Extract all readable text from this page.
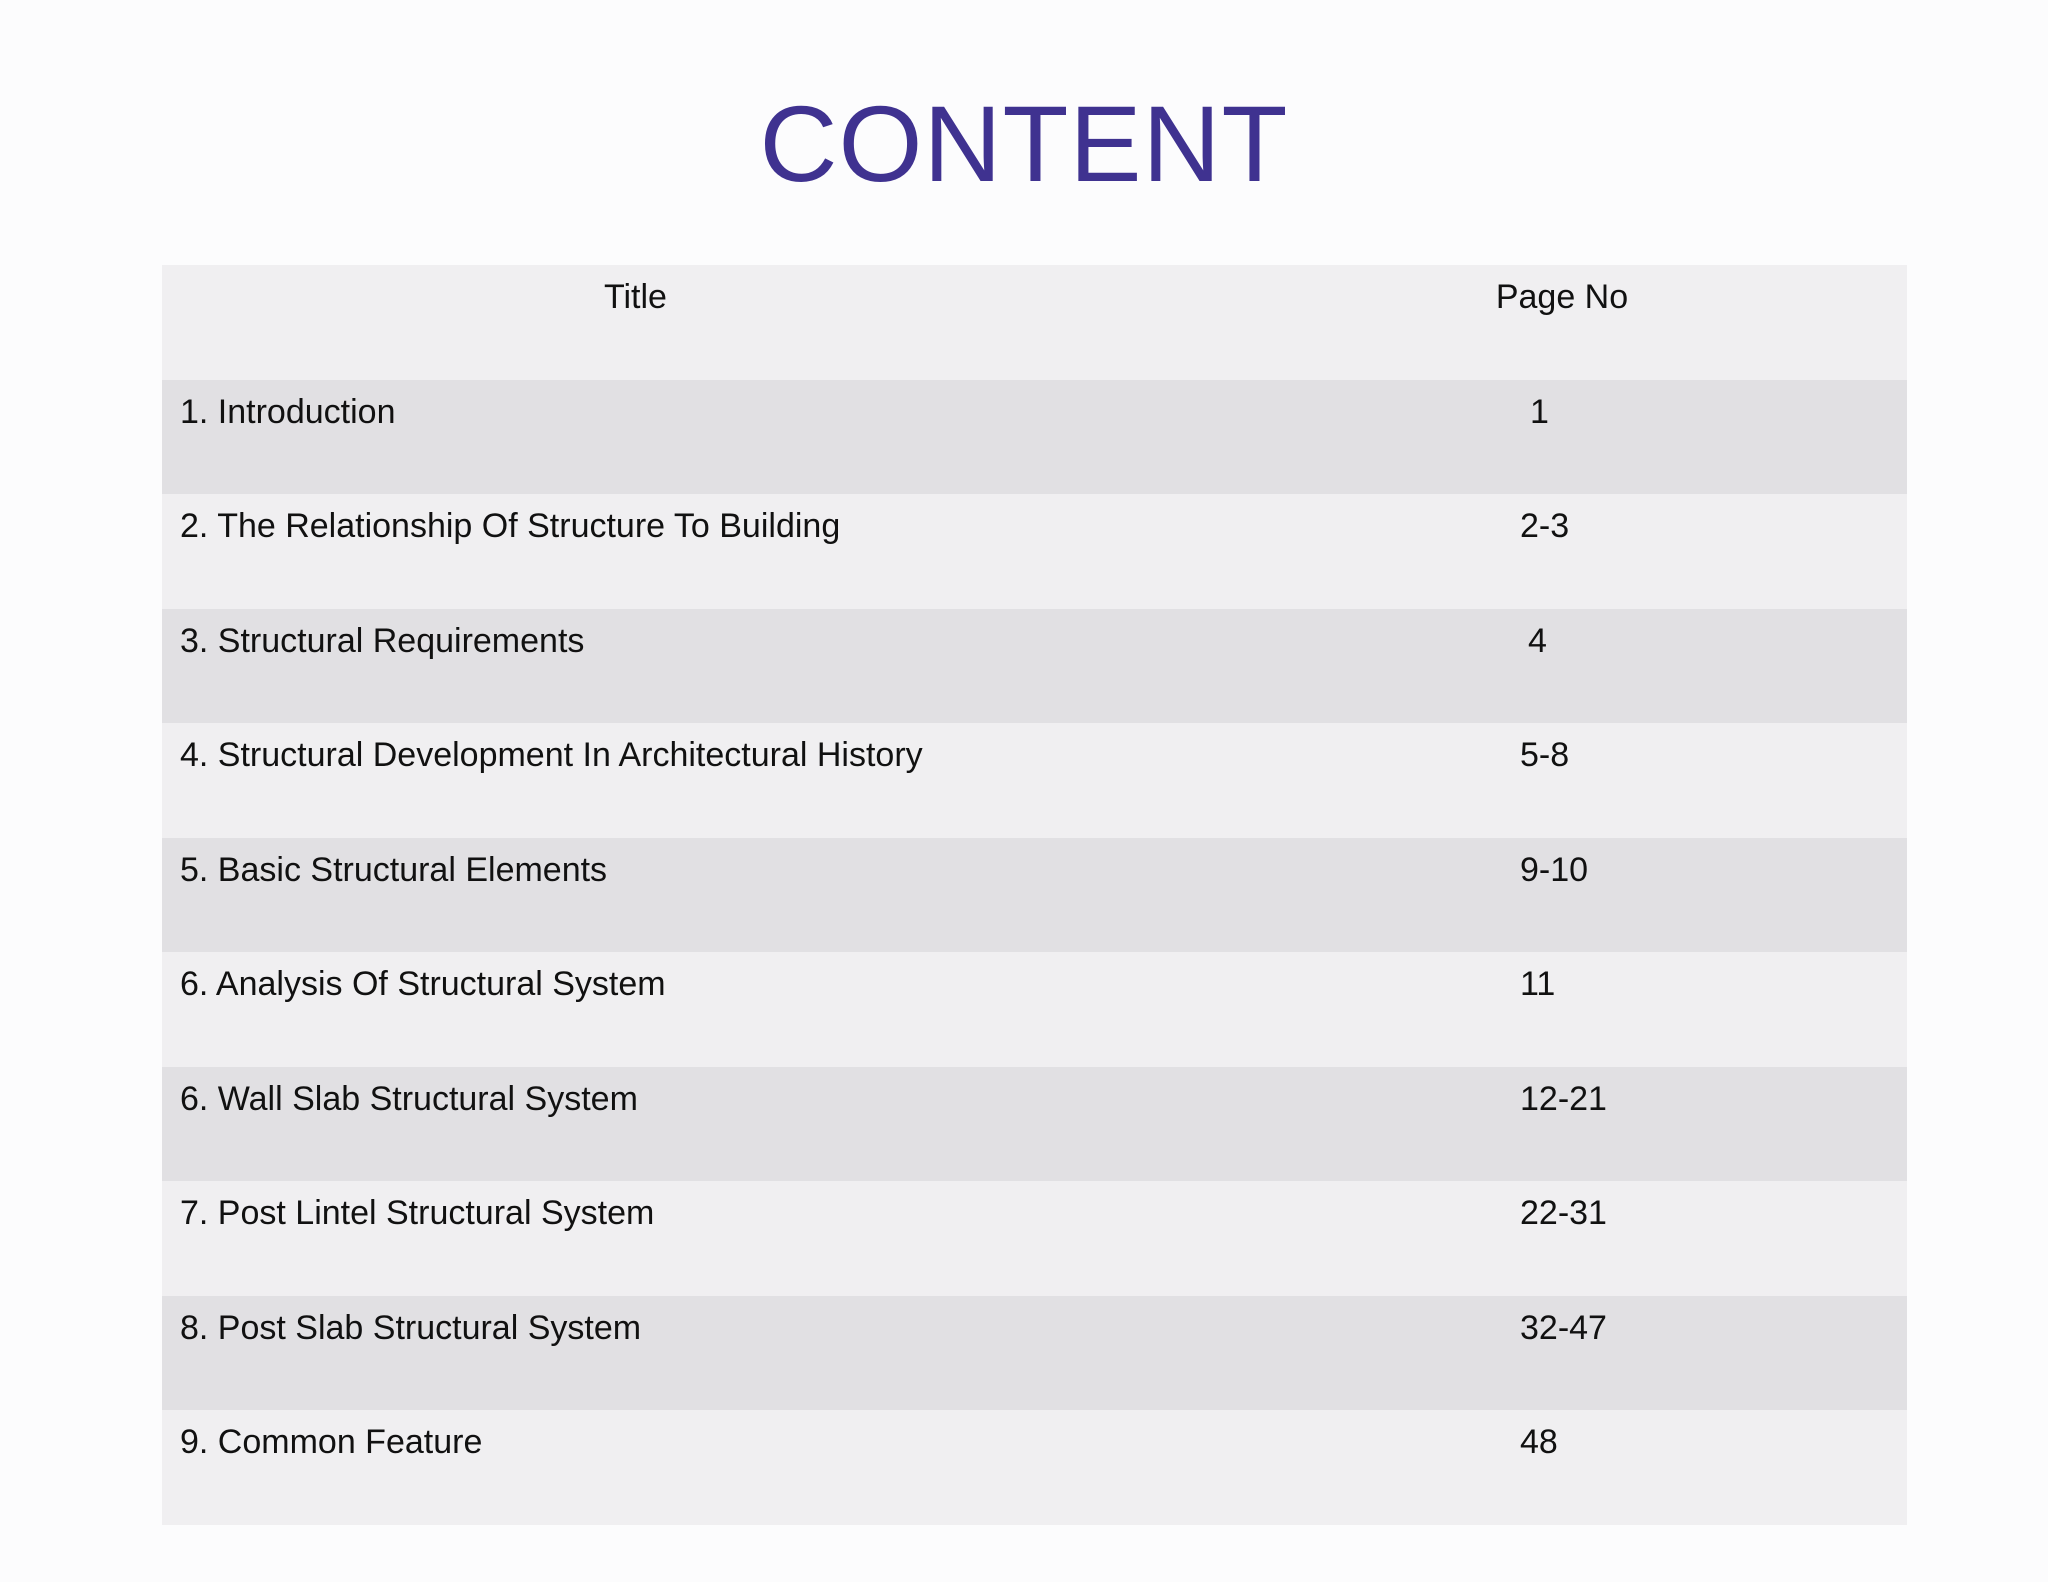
CONTENT
Title	Page No
1. Introduction	1
2. The Relationship Of Structure To Building	2-3
3. Structural Requirements	4
4. Structural Development In Architectural History	5-8
5. Basic Structural Elements	9-10
6. Analysis Of Structural System	11
6. Wall Slab Structural System	12-21
7. Post Lintel Structural System	22-31
8. Post Slab Structural System	32-47
9. Common Feature	48
